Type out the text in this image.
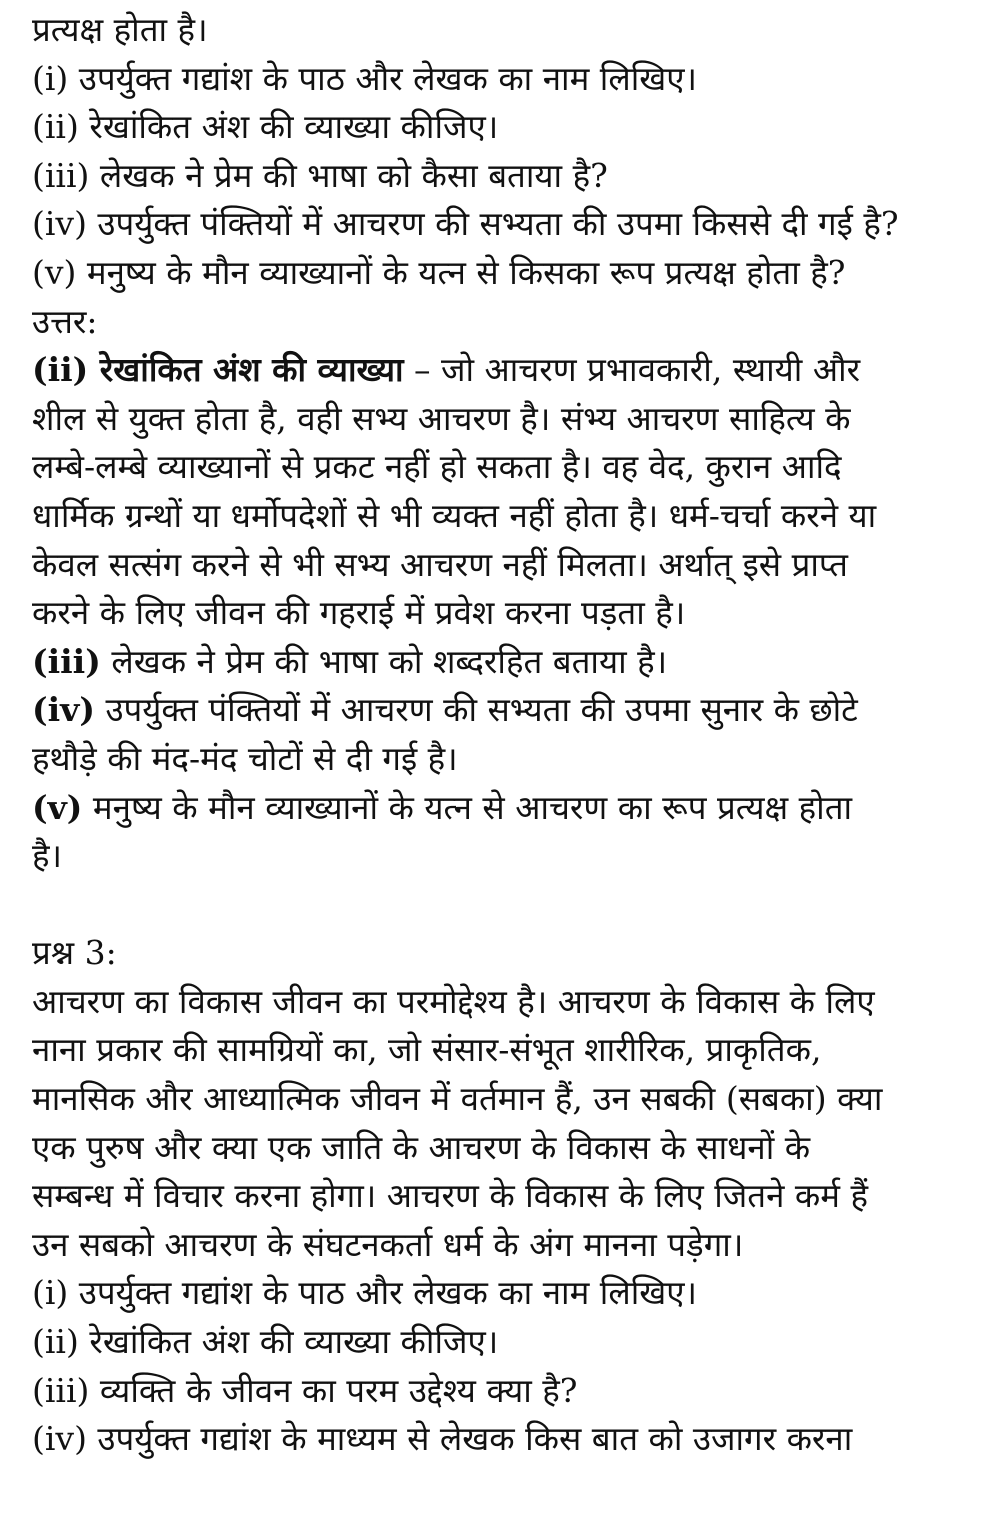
प्रत्यक्ष होता है।
(i) उपर्युक्त गद्यांश के पाठ और लेखक का नाम लिखिए।
(ii) रेखांकित अंश की व्याख्या कीजिए।
(iii) लेखक ने प्रेम की भाषा को कैसा बताया है?
(iv) उपर्युक्त पंक्तियों में आचरण की सभ्यता की उपमा किससे दी गई है?
(v) मनुष्य के मौन व्याख्यानों के यत्न से किसका रूप प्रत्यक्ष होता है?
उत्तर:
(ii) रेखांकित अंश की व्याख्या – जो आचरण प्रभावकारी, स्थायी और
शील से युक्त होता है, वही सभ्य आचरण है। संभ्य आचरण साहित्य के
लम्बे-लम्बे व्याख्यानों से प्रकट नहीं हो सकता है। वह वेद, कुरान आदि
धार्मिक ग्रन्थों या धर्मोपदेशों से भी व्यक्त नहीं होता है। धर्म-चर्चा करने या
केवल सत्संग करने से भी सभ्य आचरण नहीं मिलता। अर्थात् इसे प्राप्त
करने के लिए जीवन की गहराई में प्रवेश करना पड़ता है।
(iii) लेखक ने प्रेम की भाषा को शब्दरहित बताया है।
(iv) उपर्युक्त पंक्तियों में आचरण की सभ्यता की उपमा सुनार के छोटे
हथौड़े की मंद-मंद चोटों से दी गई है।
(v) मनुष्य के मौन व्याख्यानों के यत्न से आचरण का रूप प्रत्यक्ष होता
है।
प्रश्न 3:
आचरण का विकास जीवन का परमोद्देश्य है। आचरण के विकास के लिए
नाना प्रकार की सामग्रियों का, जो संसार-संभूत शारीरिक, प्राकृतिक,
मानसिक और आध्यात्मिक जीवन में वर्तमान हैं, उन सबकी (सबका) क्या
एक पुरुष और क्या एक जाति के आचरण के विकास के साधनों के
सम्बन्ध में विचार करना होगा। आचरण के विकास के लिए जितने कर्म हैं
उन सबको आचरण के संघटनकर्ता धर्म के अंग मानना पड़ेगा।
(i) उपर्युक्त गद्यांश के पाठ और लेखक का नाम लिखिए।
(ii) रेखांकित अंश की व्याख्या कीजिए।
(iii) व्यक्ति के जीवन का परम उद्देश्य क्या है?
(iv) उपर्युक्त गद्यांश के माध्यम से लेखक किस बात को उजागर करना
